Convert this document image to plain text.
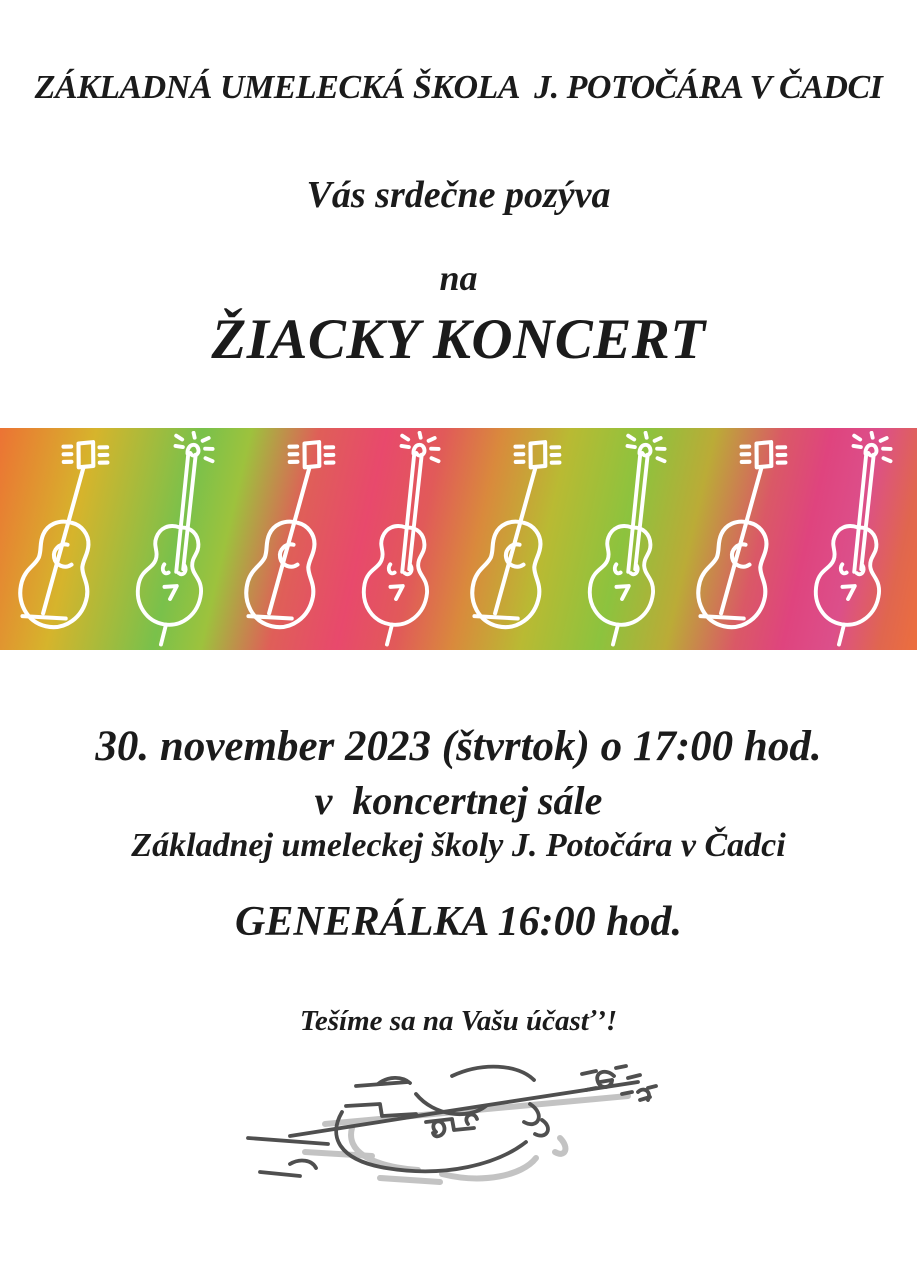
ZÁKLADNÁ UMELECKÁ ŠKOLA  J. POTOČÁRA V ČADCI
Vás srdečne pozýva
na
ŽIACKY KONCERT
30. november 2023 (štvrtok) o 17:00 hod.
v  koncertnej sále
Základnej umeleckej školy J. Potočára v Čadci
GENERÁLKA 16:00 hod.
Tešíme sa na Vašu účasť’!
